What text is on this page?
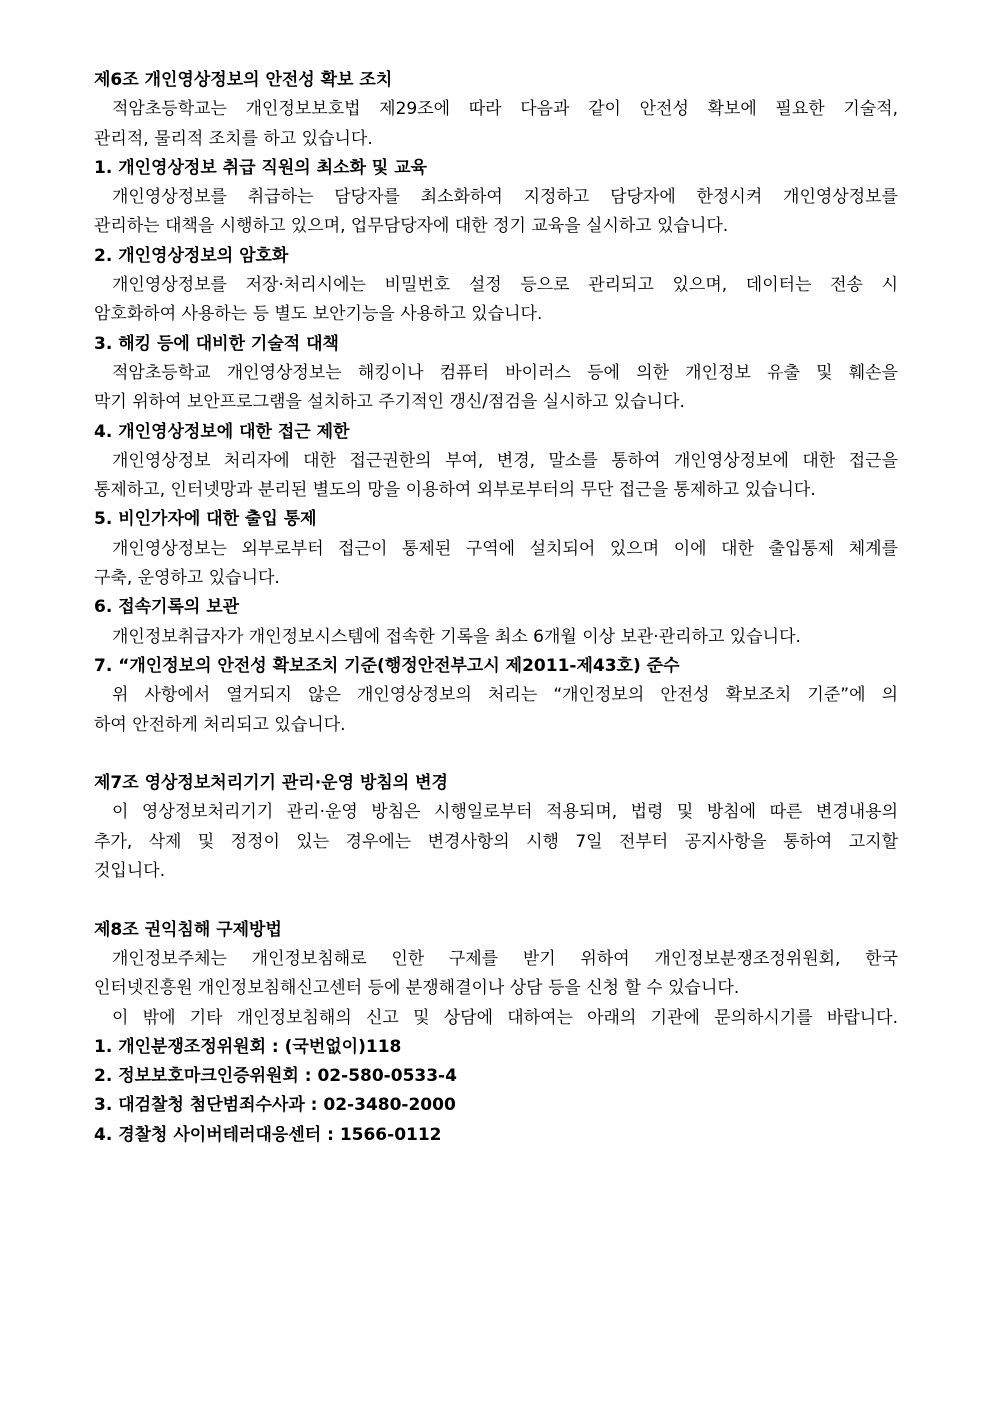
제6조 개인영상정보의 안전성 확보 조치
적암초등학교는 개인정보보호법 제29조에 따라 다음과 같이 안전성 확보에 필요한 기술적,
관리적, 물리적 조치를 하고 있습니다.
1. 개인영상정보 취급 직원의 최소화 및 교육
개인영상정보를 취급하는 담당자를 최소화하여 지정하고 담당자에 한정시켜 개인영상정보를
관리하는 대책을 시행하고 있으며, 업무담당자에 대한 정기 교육을 실시하고 있습니다.
2. 개인영상정보의 암호화
개인영상정보를 저장·처리시에는 비밀번호 설정 등으로 관리되고 있으며, 데이터는 전송 시
암호화하여 사용하는 등 별도 보안기능을 사용하고 있습니다.
3. 해킹 등에 대비한 기술적 대책
적암초등학교 개인영상정보는 해킹이나 컴퓨터 바이러스 등에 의한 개인정보 유출 및 훼손을
막기 위하여 보안프로그램을 설치하고 주기적인 갱신/점검을 실시하고 있습니다.
4. 개인영상정보에 대한 접근 제한
개인영상정보 처리자에 대한 접근권한의 부여, 변경, 말소를 통하여 개인영상정보에 대한 접근을
통제하고, 인터넷망과 분리된 별도의 망을 이용하여 외부로부터의 무단 접근을 통제하고 있습니다.
5. 비인가자에 대한 출입 통제
개인영상정보는 외부로부터 접근이 통제된 구역에 설치되어 있으며 이에 대한 출입통제 체계를
구축, 운영하고 있습니다.
6. 접속기록의 보관
개인정보취급자가 개인정보시스템에 접속한 기록을 최소 6개월 이상 보관·관리하고 있습니다.
7. “개인정보의 안전성 확보조치 기준(행정안전부고시 제2011-제43호) 준수
위 사항에서 열거되지 않은 개인영상정보의 처리는 “개인정보의 안전성 확보조치 기준”에 의
하여 안전하게 처리되고 있습니다.
제7조 영상정보처리기기 관리·운영 방침의 변경
이 영상정보처리기기 관리·운영 방침은 시행일로부터 적용되며, 법령 및 방침에 따른 변경내용의
추가, 삭제 및 정정이 있는 경우에는 변경사항의 시행 7일 전부터 공지사항을 통하여 고지할
것입니다.
제8조 권익침해 구제방법
개인정보주체는 개인정보침해로 인한 구제를 받기 위하여 개인정보분쟁조정위원회, 한국
인터넷진흥원 개인정보침해신고센터 등에 분쟁해결이나 상담 등을 신청 할 수 있습니다.
이 밖에 기타 개인정보침해의 신고 및 상담에 대하여는 아래의 기관에 문의하시기를 바랍니다.
1. 개인분쟁조정위원회 : (국번없이)118
2. 정보보호마크인증위원회 : 02-580-0533-4
3. 대검찰청 첨단범죄수사과 : 02-3480-2000
4. 경찰청 사이버테러대응센터 : 1566-0112
